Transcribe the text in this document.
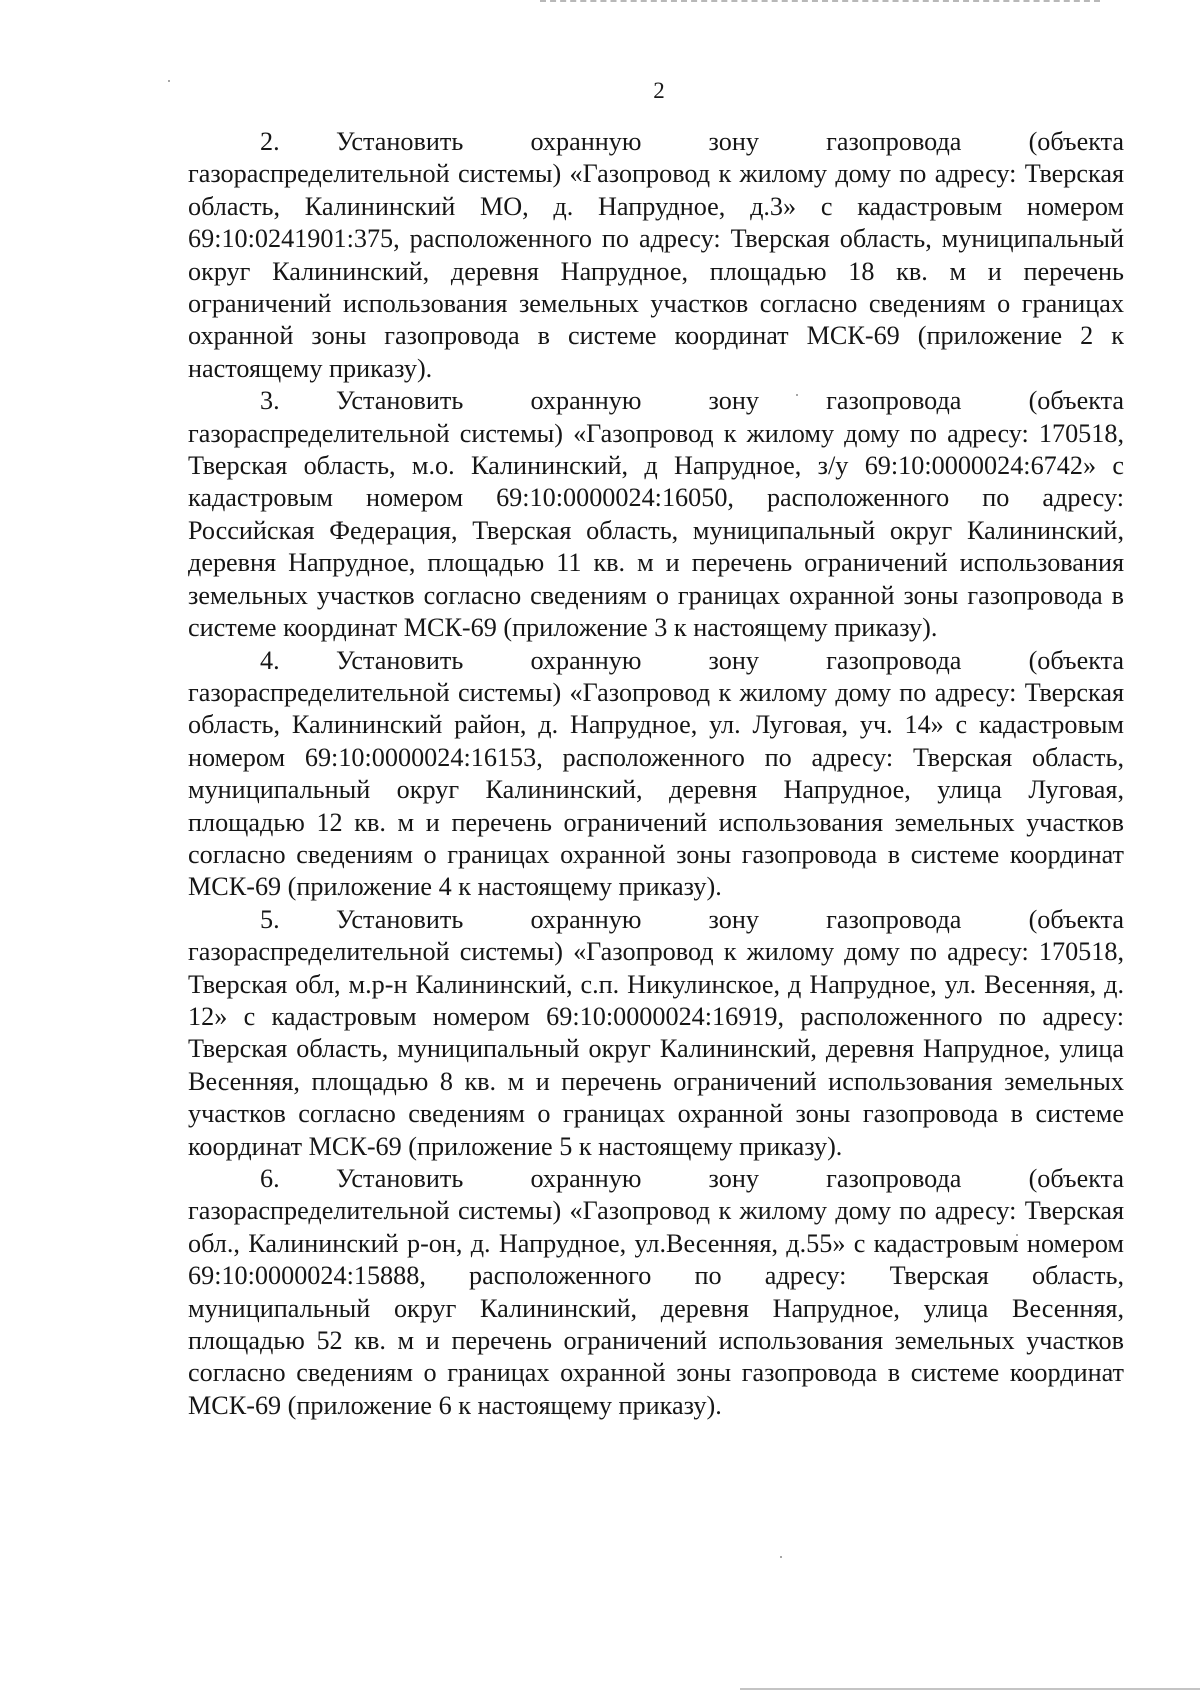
2

2. Установить охранную зону газопровода (объекта газораспределительной системы) «Газопровод к жилому дому по адресу: Тверская область, Калининский МО, д. Напрудное, д.3» с кадастровым номером 69:10:0241901:375, расположенного по адресу: Тверская область, муниципальный округ Калининский, деревня Напрудное, площадью 18 кв. м и перечень ограничений использования земельных участков согласно сведениям о границах охранной зоны газопровода в системе координат МСК-69 (приложение 2 к настоящему приказу).

3. Установить охранную зону газопровода (объекта газораспределительной системы) «Газопровод к жилому дому по адресу: 170518, Тверская область, м.о. Калининский, д Напрудное, з/у 69:10:0000024:6742» с кадастровым номером 69:10:0000024:16050, расположенного по адресу: Российская Федерация, Тверская область, муниципальный округ Калининский, деревня Напрудное, площадью 11 кв. м и перечень ограничений использования земельных участков согласно сведениям о границах охранной зоны газопровода в системе координат МСК-69 (приложение 3 к настоящему приказу).

4. Установить охранную зону газопровода (объекта газораспределительной системы) «Газопровод к жилому дому по адресу: Тверская область, Калининский район, д. Напрудное, ул. Луговая, уч. 14» с кадастровым номером 69:10:0000024:16153, расположенного по адресу: Тверская область, муниципальный округ Калининский, деревня Напрудное, улица Луговая, площадью 12 кв. м и перечень ограничений использования земельных участков согласно сведениям о границах охранной зоны газопровода в системе координат МСК-69 (приложение 4 к настоящему приказу).

5. Установить охранную зону газопровода (объекта газораспределительной системы) «Газопровод к жилому дому по адресу: 170518, Тверская обл, м.р-н Калининский, с.п. Никулинское, д Напрудное, ул. Весенняя, д. 12» с кадастровым номером 69:10:0000024:16919, расположенного по адресу: Тверская область, муниципальный округ Калининский, деревня Напрудное, улица Весенняя, площадью 8 кв. м и перечень ограничений использования земельных участков согласно сведениям о границах охранной зоны газопровода в системе координат МСК-69 (приложение 5 к настоящему приказу).

6. Установить охранную зону газопровода (объекта газораспределительной системы) «Газопровод к жилому дому по адресу: Тверская обл., Калининский р-он, д. Напрудное, ул.Весенняя, д.55» с кадастровым номером 69:10:0000024:15888, расположенного по адресу: Тверская область, муниципальный округ Калининский, деревня Напрудное, улица Весенняя, площадью 52 кв. м и перечень ограничений использования земельных участков согласно сведениям о границах охранной зоны газопровода в системе координат МСК-69 (приложение 6 к настоящему приказу).
